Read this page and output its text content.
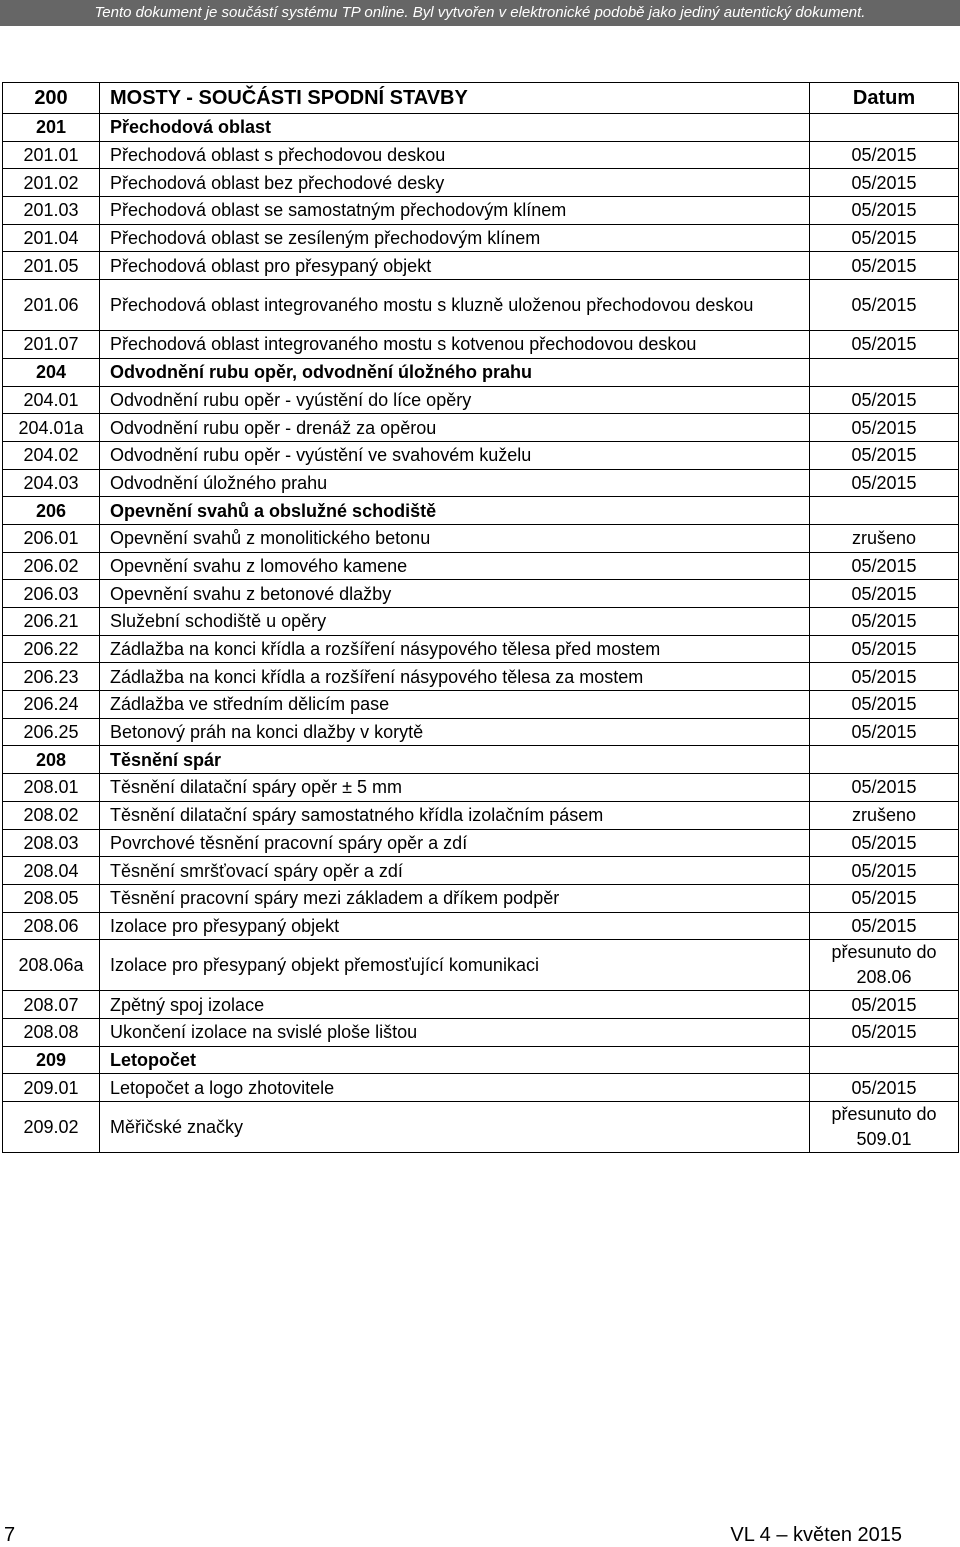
Tento dokument je součástí systému TP online. Byl vytvořen v elektronické podobě jako jediný autentický dokument.
200	MOSTY - SOUČÁSTI SPODNÍ STAVBY	Datum
201	Přechodová oblast	
201.01	Přechodová oblast s přechodovou deskou	05/2015
201.02	Přechodová oblast bez přechodové desky	05/2015
201.03	Přechodová oblast se samostatným přechodovým klínem	05/2015
201.04	Přechodová oblast se zesíleným přechodovým klínem	05/2015
201.05	Přechodová oblast pro přesypaný objekt	05/2015
201.06	Přechodová oblast integrovaného mostu s kluzně uloženou přechodovou deskou	05/2015
201.07	Přechodová oblast integrovaného mostu s kotvenou přechodovou deskou	05/2015
204	Odvodnění rubu opěr, odvodnění úložného prahu	
204.01	Odvodnění rubu opěr - vyústění do líce opěry	05/2015
204.01a	Odvodnění rubu opěr - drenáž za opěrou	05/2015
204.02	Odvodnění rubu opěr - vyústění ve svahovém kuželu	05/2015
204.03	Odvodnění úložného prahu	05/2015
206	Opevnění svahů a obslužné schodiště	
206.01	Opevnění svahů z monolitického betonu	zrušeno
206.02	Opevnění svahu z lomového kamene	05/2015
206.03	Opevnění svahu z betonové dlažby	05/2015
206.21	Služební schodiště u opěry	05/2015
206.22	Zádlažba na konci křídla a rozšíření násypového tělesa před mostem	05/2015
206.23	Zádlažba na konci křídla a rozšíření násypového tělesa za mostem	05/2015
206.24	Zádlažba ve středním dělicím pase	05/2015
206.25	Betonový práh na konci dlažby v korytě	05/2015
208	Těsnění spár	
208.01	Těsnění dilatační spáry opěr ± 5 mm	05/2015
208.02	Těsnění dilatační spáry samostatného křídla izolačním pásem	zrušeno
208.03	Povrchové těsnění pracovní spáry opěr a zdí	05/2015
208.04	Těsnění smršťovací spáry opěr a zdí	05/2015
208.05	Těsnění pracovní spáry mezi základem a dříkem podpěr	05/2015
208.06	Izolace pro přesypaný objekt	05/2015
208.06a	Izolace pro přesypaný objekt přemosťující komunikaci	přesunuto do 208.06
208.07	Zpětný spoj izolace	05/2015
208.08	Ukončení izolace na svislé ploše lištou	05/2015
209	Letopočet	
209.01	Letopočet a logo zhotovitele	05/2015
209.02	Měřičské značky	přesunuto do 509.01
7	VL 4 – květen 2015
